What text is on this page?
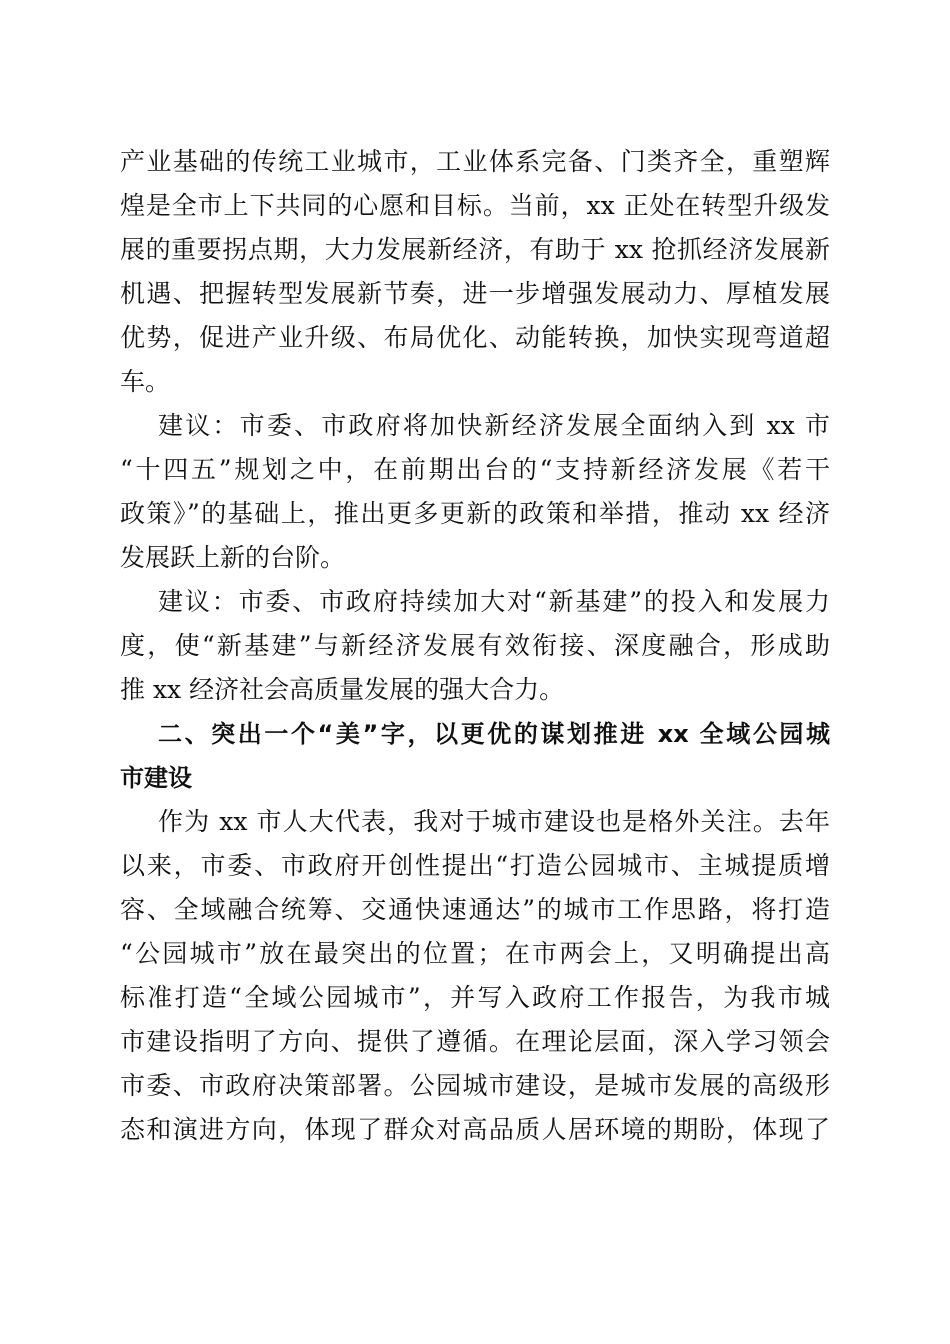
产业基础的传统工业城市，工业体系完备、门类齐全，重塑辉
煌是全市上下共同的心愿和目标。当前，xx 正处在转型升级发
展的重要拐点期，大力发展新经济，有助于 xx 抢抓经济发展新
机遇、把握转型发展新节奏，进一步增强发展动力、厚植发展
优势，促进产业升级、布局优化、动能转换，加快实现弯道超
车。
建议：市委、市政府将加快新经济发展全面纳入到 xx 市
“十四五”规划之中，在前期出台的“支持新经济发展《若干
政策》”的基础上，推出更多更新的政策和举措，推动 xx 经济
发展跃上新的台阶。
建议：市委、市政府持续加大对“新基建”的投入和发展力
度，使“新基建”与新经济发展有效衔接、深度融合，形成助
推 xx 经济社会高质量发展的强大合力。
二、突出一个“美”字，以更优的谋划推进 xx 全域公园城
市建设
作为 xx 市人大代表，我对于城市建设也是格外关注。去年
以来，市委、市政府开创性提出“打造公园城市、主城提质增
容、全域融合统筹、交通快速通达”的城市工作思路，将打造
“公园城市”放在最突出的位置；在市两会上，又明确提出高
标准打造“全域公园城市”，并写入政府工作报告，为我市城
市建设指明了方向、提供了遵循。在理论层面，深入学习领会
市委、市政府决策部署。公园城市建设，是城市发展的高级形
态和演进方向，体现了群众对高品质人居环境的期盼，体现了
